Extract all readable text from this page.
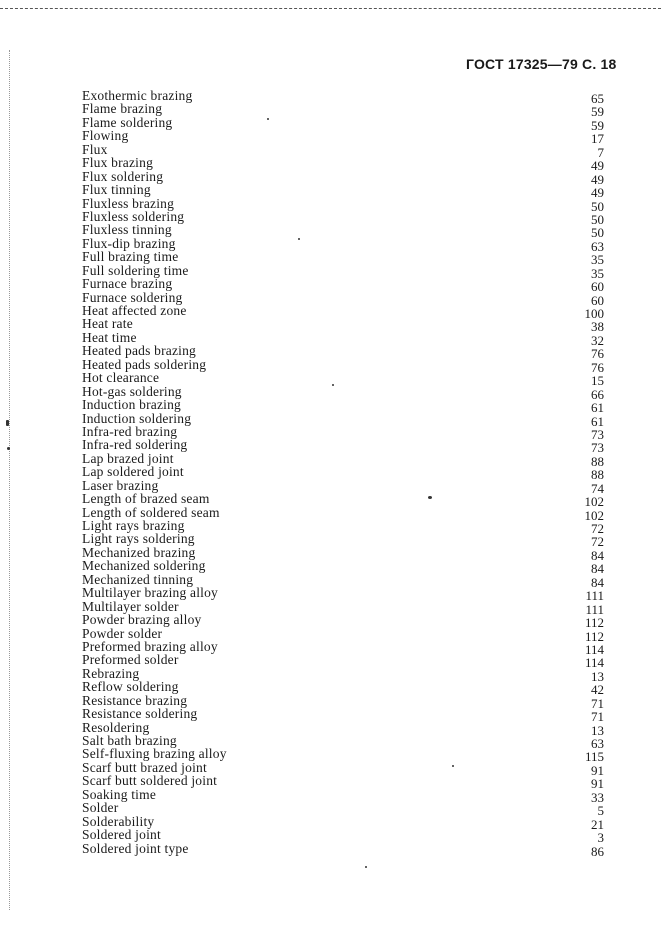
ГОСТ 17325—79 С. 18
Exothermic brazing	65
Flame brazing	59
Flame soldering	59
Flowing	17
Flux	7
Flux brazing	49
Flux soldering	49
Flux tinning	49
Fluxless brazing	50
Fluxless soldering	50
Fluxless tinning	50
Flux-dip brazing	63
Full brazing time	35
Full soldering time	35
Furnace brazing	60
Furnace soldering	60
Heat affected zone	100
Heat rate	38
Heat time	32
Heated pads brazing	76
Heated pads soldering	76
Hot clearance	15
Hot-gas soldering	66
Induction brazing	61
Induction soldering	61
Infra-red brazing	73
Infra-red soldering	73
Lap brazed joint	88
Lap soldered joint	88
Laser brazing	74
Length of brazed seam	102
Length of soldered seam	102
Light rays brazing	72
Light rays soldering	72
Mechanized brazing	84
Mechanized soldering	84
Mechanized tinning	84
Multilayer brazing alloy	111
Multilayer solder	111
Powder brazing alloy	112
Powder solder	112
Preformed brazing alloy	114
Preformed solder	114
Rebrazing	13
Reflow soldering	42
Resistance brazing	71
Resistance soldering	71
Resoldering	13
Salt bath brazing	63
Self-fluxing brazing alloy	115
Scarf butt brazed joint	91
Scarf butt soldered joint	91
Soaking time	33
Solder	5
Solderability	21
Soldered joint	3
Soldered joint type	86
